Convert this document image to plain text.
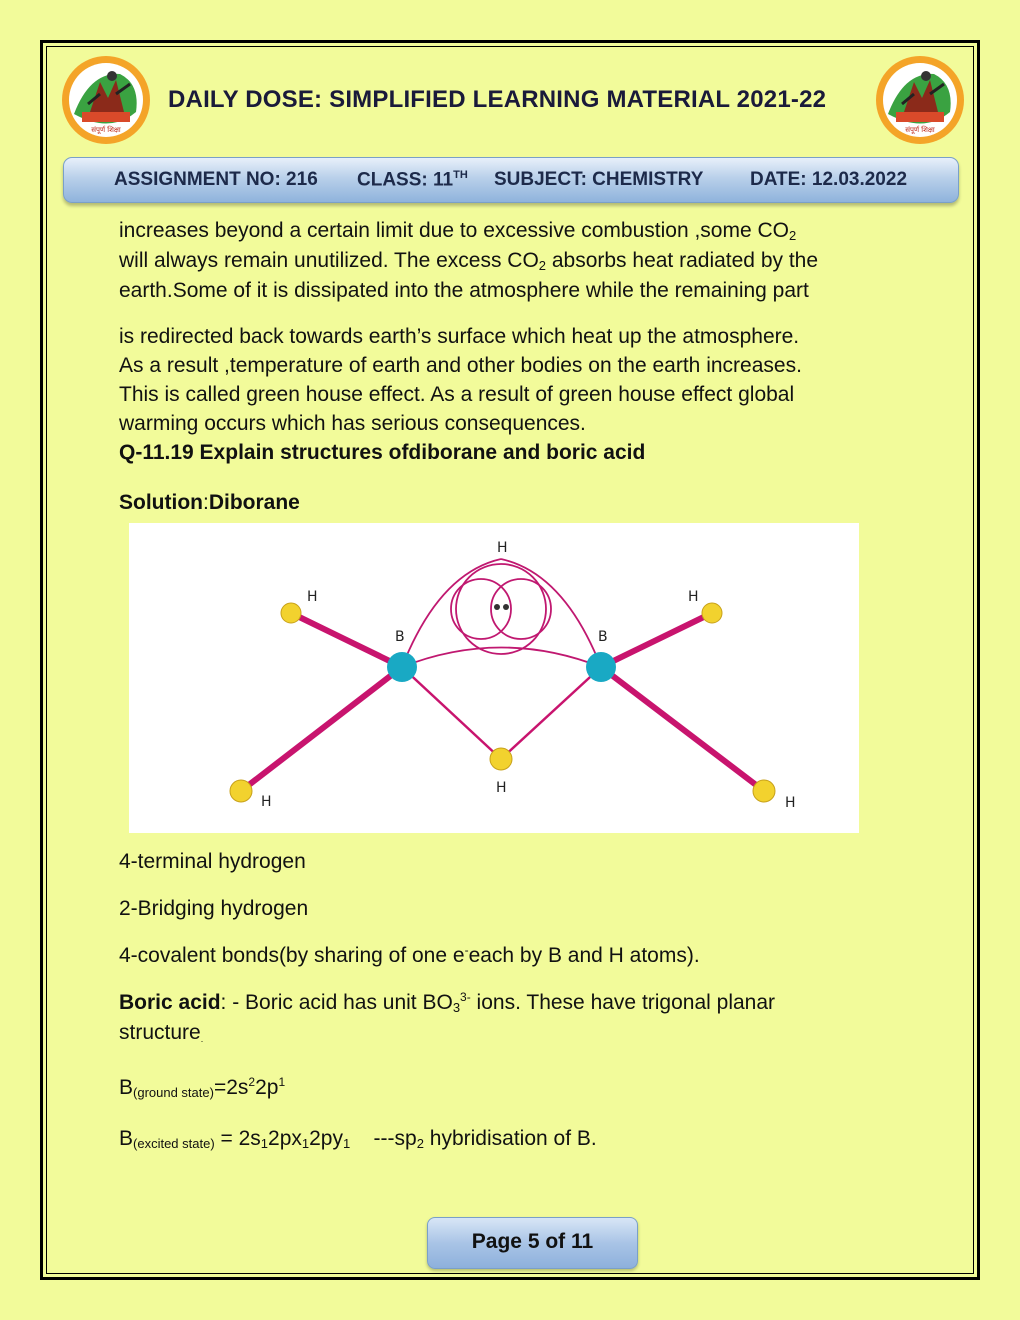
संपूर्ण शिक्षा	संपूर्ण शिक्षा
DAILY DOSE: SIMPLIFIED LEARNING MATERIAL 2021-22
ASSIGNMENT NO: 216 CLASS: 11TH SUBJECT: CHEMISTRY DATE: 12.03.2022
increases beyond a certain limit due to excessive combustion ,some $CO_2$
will always remain unutilized. The excess $CO_2$ absorbs heat radiated by the
earth.Some of it is dissipated into the atmosphere while the remaining part
is redirected back towards earth’s surface which heat up the atmosphere.
As a result ,temperature of earth and other bodies on the earth increases.
This is called green house effect. As a result of green house effect global
warming occurs which has serious consequences.
Q-11.19 Explain structures ofdiborane and boric acid
Solution:Diborane
H
H	H
B	B
H
H	H
4-terminal hydrogen
2-Bridging hydrogen
4-covalent bonds(by sharing of one e-each by B and H atoms).
Boric acid: - Boric acid has unit $BO_3^{3-}$ ions. These have trigonal planar
structure$_.$
$B_{(ground state)}=2s^22p^1$
$B_{(excited state)} = 2s_12px_12py_1$    $---sp_2$ hybridisation of B.
Page 5 of 11
